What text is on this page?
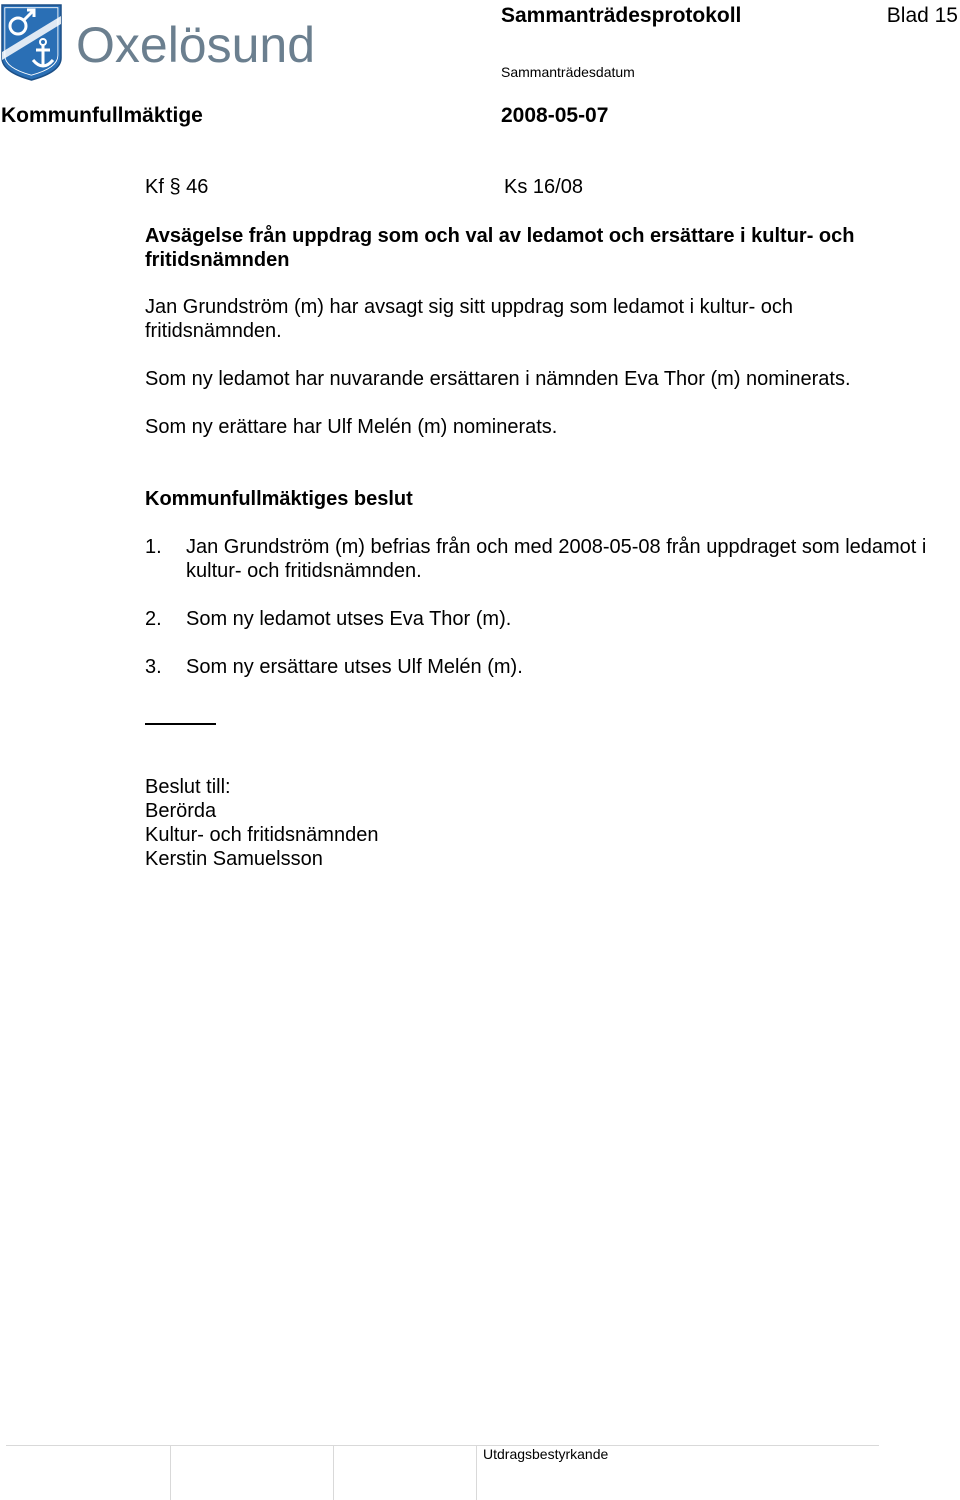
Oxelösund
Sammanträdesprotokoll	Blad 15
Sammanträdesdatum
Kommunfullmäktige	2008-05-07
Kf § 46	Ks 16/08
Avsägelse från uppdrag som och val av ledamot och ersättare i kultur- och fritidsnämnden
Jan Grundström (m) har avsagt sig sitt uppdrag som ledamot i kultur- och fritidsnämnden.
Som ny ledamot har nuvarande ersättaren i nämnden Eva Thor (m) nominerats.
Som ny erättare har Ulf Melén (m) nominerats.
Kommunfullmäktiges beslut
1. Jan Grundström (m) befrias från och med 2008-05-08 från uppdraget som ledamot i kultur- och fritidsnämnden.
2. Som ny ledamot utses Eva Thor (m).
3. Som ny ersättare utses Ulf Melén (m).
Beslut till:
Berörda
Kultur- och fritidsnämnden
Kerstin Samuelsson
Utdragsbestyrkande
